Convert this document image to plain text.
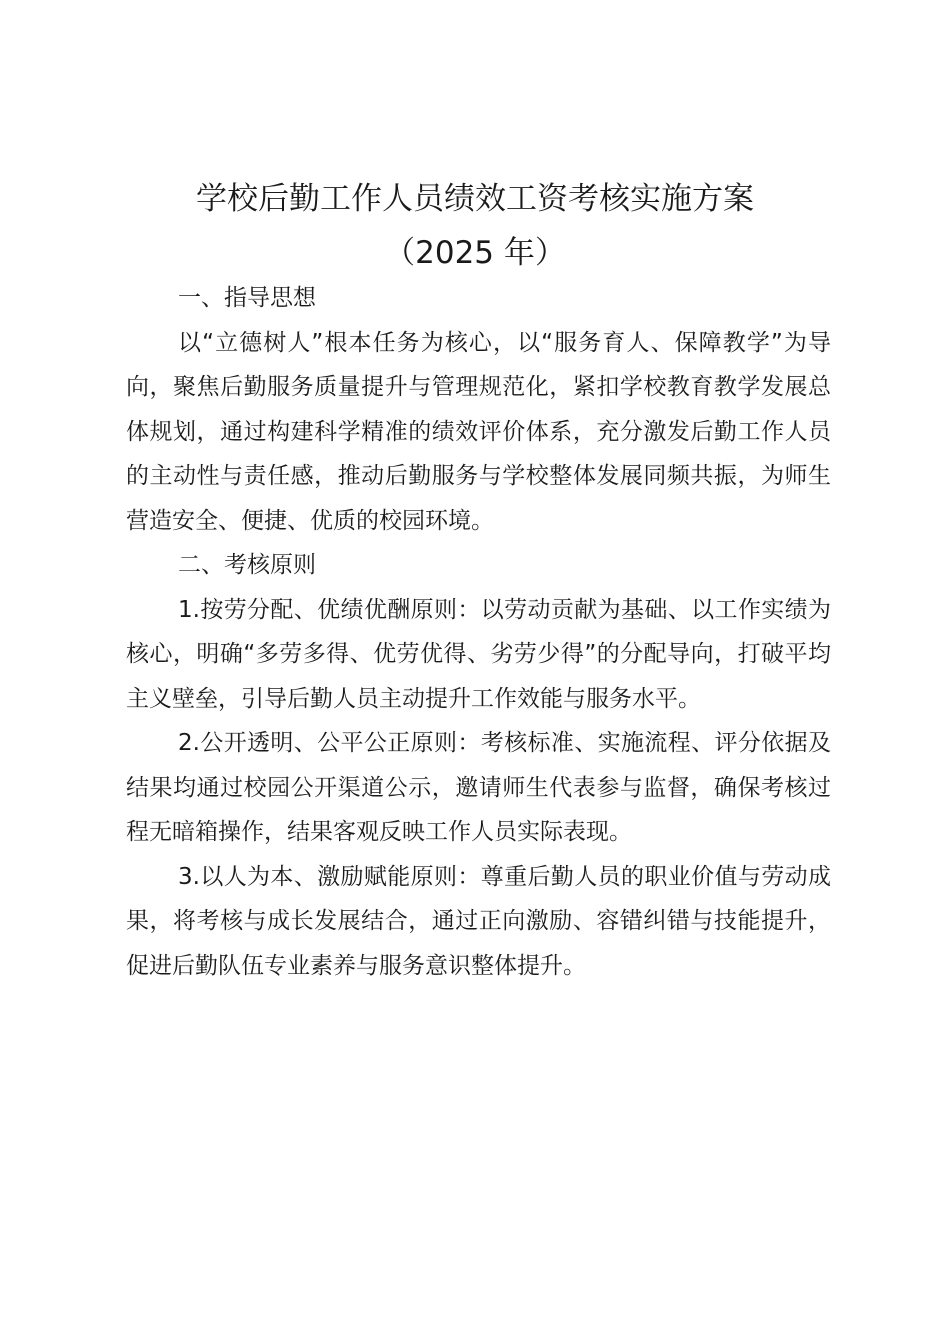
学校后勤工作人员绩效工资考核实施方案
（2025 年）

一、指导思想

以“立德树人”根本任务为核心，以“服务育人、保障教学”为导向，聚焦后勤服务质量提升与管理规范化，紧扣学校教育教学发展总体规划，通过构建科学精准的绩效评价体系，充分激发后勤工作人员的主动性与责任感，推动后勤服务与学校整体发展同频共振，为师生营造安全、便捷、优质的校园环境。

二、考核原则

1.按劳分配、优绩优酬原则：以劳动贡献为基础、以工作实绩为核心，明确“多劳多得、优劳优得、劣劳少得”的分配导向，打破平均主义壁垒，引导后勤人员主动提升工作效能与服务水平。

2.公开透明、公平公正原则：考核标准、实施流程、评分依据及结果均通过校园公开渠道公示，邀请师生代表参与监督，确保考核过程无暗箱操作，结果客观反映工作人员实际表现。

3.以人为本、激励赋能原则：尊重后勤人员的职业价值与劳动成果，将考核与成长发展结合，通过正向激励、容错纠错与技能提升，促进后勤队伍专业素养与服务意识整体提升。
